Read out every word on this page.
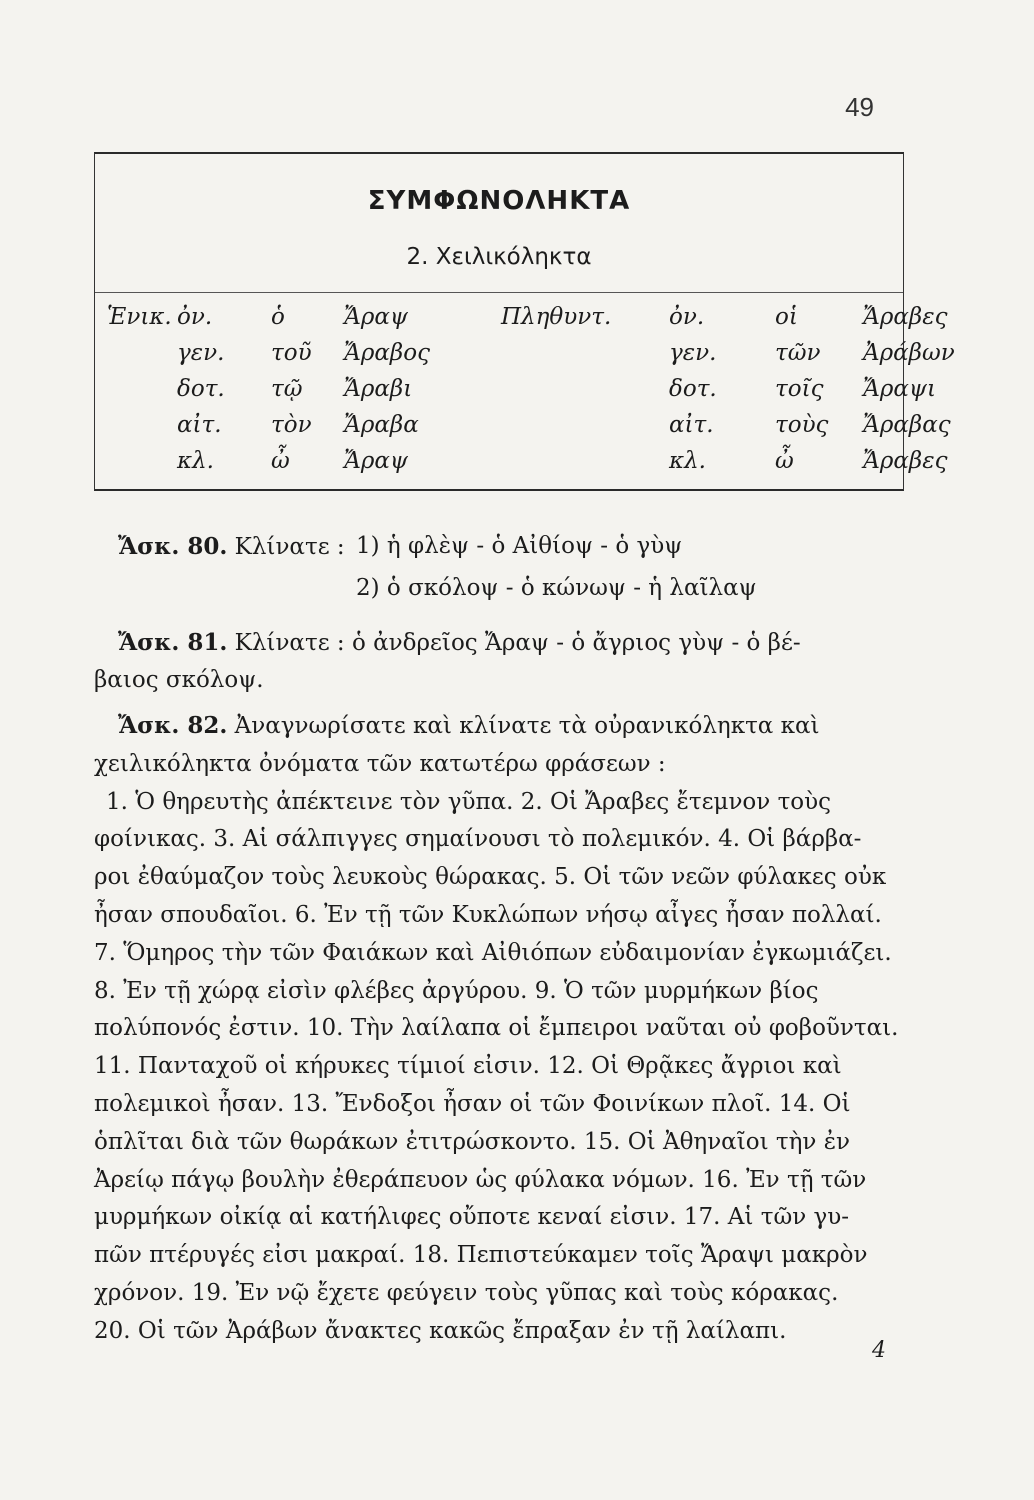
49
ΣΥΜΦΩΝΟΛΗΚΤΑ
2. Χειλικόληκτα
Ἑνικ. ὀν.	ὁ	Ἄραψ	Πληθυντ.	ὀν.	οἱ	Ἄραβες
γεν. τοῦ Ἄραβος	γεν.	τῶν Ἀράβων
δοτ. τῷ Ἄραβι	δοτ.	τοῖς Ἄραψι
αἰτ. τὸν Ἄραβα	αἰτ.	τοὺς Ἄραβας
κλ. ὦ Ἄραψ	κλ.	ὦ	Ἄραβες
Ἄσκ. 80. Κλίνατε : 1) ἡ φλὲψ - ὁ Αἰθίοψ - ὁ γὺψ
2) ὁ σκόλοψ - ὁ κώνωψ - ἡ λαῖλαψ
Ἄσκ. 81. Κλίνατε : ὁ ἀνδρεῖος Ἄραψ - ὁ ἄγριος γὺψ - ὁ βέ-
βαιος σκόλοψ.
Ἄσκ. 82. Ἀναγνωρίσατε καὶ κλίνατε τὰ οὐρανικόληκτα καὶ
χειλικόληκτα ὀνόματα τῶν κατωτέρω φράσεων :
1. Ὁ θηρευτὴς ἀπέκτεινε τὸν γῦπα. 2. Οἱ Ἄραβες ἔτεμνον τοὺς
φοίνικας. 3. Αἱ σάλπιγγες σημαίνουσι τὸ πολεμικόν. 4. Οἱ βάρβα-
ροι ἐθαύμαζον τοὺς λευκοὺς θώρακας. 5. Οἱ τῶν νεῶν φύλακες οὐκ
ἦσαν σπουδαῖοι. 6. Ἐν τῇ τῶν Κυκλώπων νήσῳ αἶγες ἦσαν πολλαί.
7. Ὅμηρος τὴν τῶν Φαιάκων καὶ Αἰθιόπων εὐδαιμονίαν ἐγκωμιάζει.
8. Ἐν τῇ χώρᾳ εἰσὶν φλέβες ἀργύρου. 9. Ὁ τῶν μυρμήκων βίος
πολύπονός ἐστιν. 10. Τὴν λαίλαπα οἱ ἔμπειροι ναῦται οὐ φοβοῦνται.
11. Πανταχοῦ οἱ κήρυκες τίμιοί εἰσιν. 12. Οἱ Θρᾷκες ἄγριοι καὶ
πολεμικοὶ ἦσαν. 13. Ἔνδοξοι ἦσαν οἱ τῶν Φοινίκων πλοῖ. 14. Οἱ
ὁπλῖται διὰ τῶν θωράκων ἐτιτρώσκοντο. 15. Οἱ Ἀθηναῖοι τὴν ἐν
Ἀρείῳ πάγῳ βουλὴν ἐθεράπευον ὡς φύλακα νόμων. 16. Ἐν τῇ τῶν
μυρμήκων οἰκίᾳ αἱ κατήλιφες οὔποτε κεναί εἰσιν. 17. Αἱ τῶν γυ-
πῶν πτέρυγές εἰσι μακραί. 18. Πεπιστεύκαμεν τοῖς Ἄραψι μακρὸν
χρόνον. 19. Ἐν νῷ ἔχετε φεύγειν τοὺς γῦπας καὶ τοὺς κόρακας.
20. Οἱ τῶν Ἀράβων ἄνακτες κακῶς ἔπραξαν ἐν τῇ λαίλαπι.
4
